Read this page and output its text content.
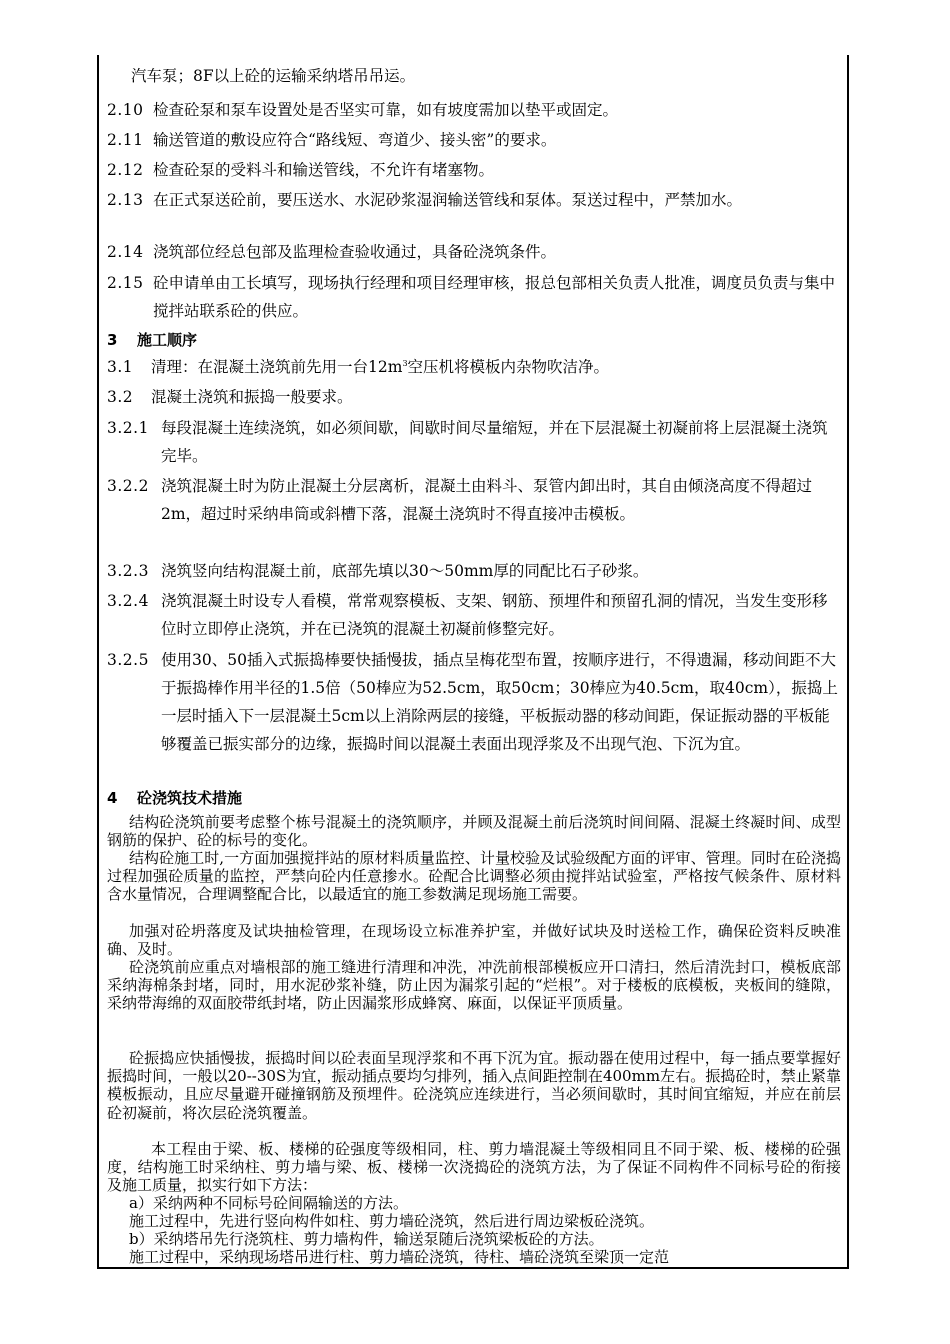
汽车泵；8F以上砼的运输采纳塔吊吊运。
2.10 检查砼泵和泵车设置处是否坚实可靠，如有坡度需加以垫平或固定。
2.11 输送管道的敷设应符合“路线短、弯道少、接头密”的要求。
2.12 检查砼泵的受料斗和输送管线，不允许有堵塞物。
2.13 在正式泵送砼前，要压送水、水泥砂浆湿润输送管线和泵体。泵送过程中，严禁加水。
2.14 浇筑部位经总包部及监理检查验收通过，具备砼浇筑条件。
2.15 砼申请单由工长填写，现场执行经理和项目经理审核，报总包部相关负责人批准，调度员负责与集中搅拌站联系砼的供应。
3 施工顺序
3.1 清理：在混凝土浇筑前先用一台$12m^3$空压机将模板内杂物吹洁净。
3.2 混凝土浇筑和振捣一般要求。
3.2.1 每段混凝土连续浇筑，如必须间歇，间歇时间尽量缩短，并在下层混凝土初凝前将上层混凝土浇筑完毕。
3.2.2 浇筑混凝土时为防止混凝土分层离析，混凝土由料斗、泵管内卸出时，其自由倾浇高度不得超过2m，超过时采纳串筒或斜槽下落，混凝土浇筑时不得直接冲击模板。
3.2.3 浇筑竖向结构混凝土前，底部先填以30～50mm厚的同配比石子砂浆。
3.2.4 浇筑混凝土时设专人看模，常常观察模板、支架、钢筋、预埋件和预留孔洞的情况，当发生变形移位时立即停止浇筑，并在已浇筑的混凝土初凝前修整完好。
3.2.5 使用30、50插入式振捣棒要快插慢拔，插点呈梅花型布置，按顺序进行，不得遗漏，移动间距不大于振捣棒作用半径的1.5倍（50棒应为52.5cm，取50cm；30棒应为40.5cm，取40cm），振捣上一层时插入下一层混凝土5cm以上消除两层的接缝，平板振动器的移动间距，保证振动器的平板能够覆盖已振实部分的边缘，振捣时间以混凝土表面出现浮浆及不出现气泡、下沉为宜。
4 砼浇筑技术措施
结构砼浇筑前要考虑整个栋号混凝土的浇筑顺序，并顾及混凝土前后浇筑时间间隔、混凝土终凝时间、成型钢筋的保护、砼的标号的变化。
结构砼施工时,一方面加强搅拌站的原材料质量监控、计量校验及试验级配方面的评审、管理。同时在砼浇捣过程加强砼质量的监控，严禁向砼内任意掺水。砼配合比调整必须由搅拌站试验室，严格按气候条件、原材料含水量情况，合理调整配合比，以最适宜的施工参数满足现场施工需要。
加强对砼坍落度及试块抽检管理，在现场设立标准养护室，并做好试块及时送检工作，确保砼资料反映准确、及时。
砼浇筑前应重点对墙根部的施工缝进行清理和冲洗，冲洗前根部模板应开口清扫，然后清洗封口，模板底部采纳海棉条封堵，同时，用水泥砂浆补缝，防止因为漏浆引起的“烂根”。对于楼板的底模板，夹板间的缝隙，采纳带海绵的双面胶带纸封堵，防止因漏浆形成蜂窝、麻面，以保证平顶质量。
砼振捣应快插慢拔，振捣时间以砼表面呈现浮浆和不再下沉为宜。振动器在使用过程中，每一插点要掌握好振捣时间，一般以20--30S为宜，振动插点要均匀排列，插入点间距控制在400mm左右。振捣砼时，禁止紧靠模板振动，且应尽量避开碰撞钢筋及预埋件。砼浇筑应连续进行，当必须间歇时，其时间宜缩短，并应在前层砼初凝前，将次层砼浇筑覆盖。
本工程由于梁、板、楼梯的砼强度等级相同，柱、剪力墙混凝土等级相同且不同于梁、板、楼梯的砼强度，结构施工时采纳柱、剪力墙与梁、板、楼梯一次浇捣砼的浇筑方法，为了保证不同构件不同标号砼的衔接及施工质量，拟实行如下方法：
a）采纳两种不同标号砼间隔输送的方法。
施工过程中，先进行竖向构件如柱、剪力墙砼浇筑，然后进行周边梁板砼浇筑。
b）采纳塔吊先行浇筑柱、剪力墙构件，输送泵随后浇筑梁板砼的方法。
施工过程中，采纳现场塔吊进行柱、剪力墙砼浇筑，待柱、墙砼浇筑至梁顶一定范
